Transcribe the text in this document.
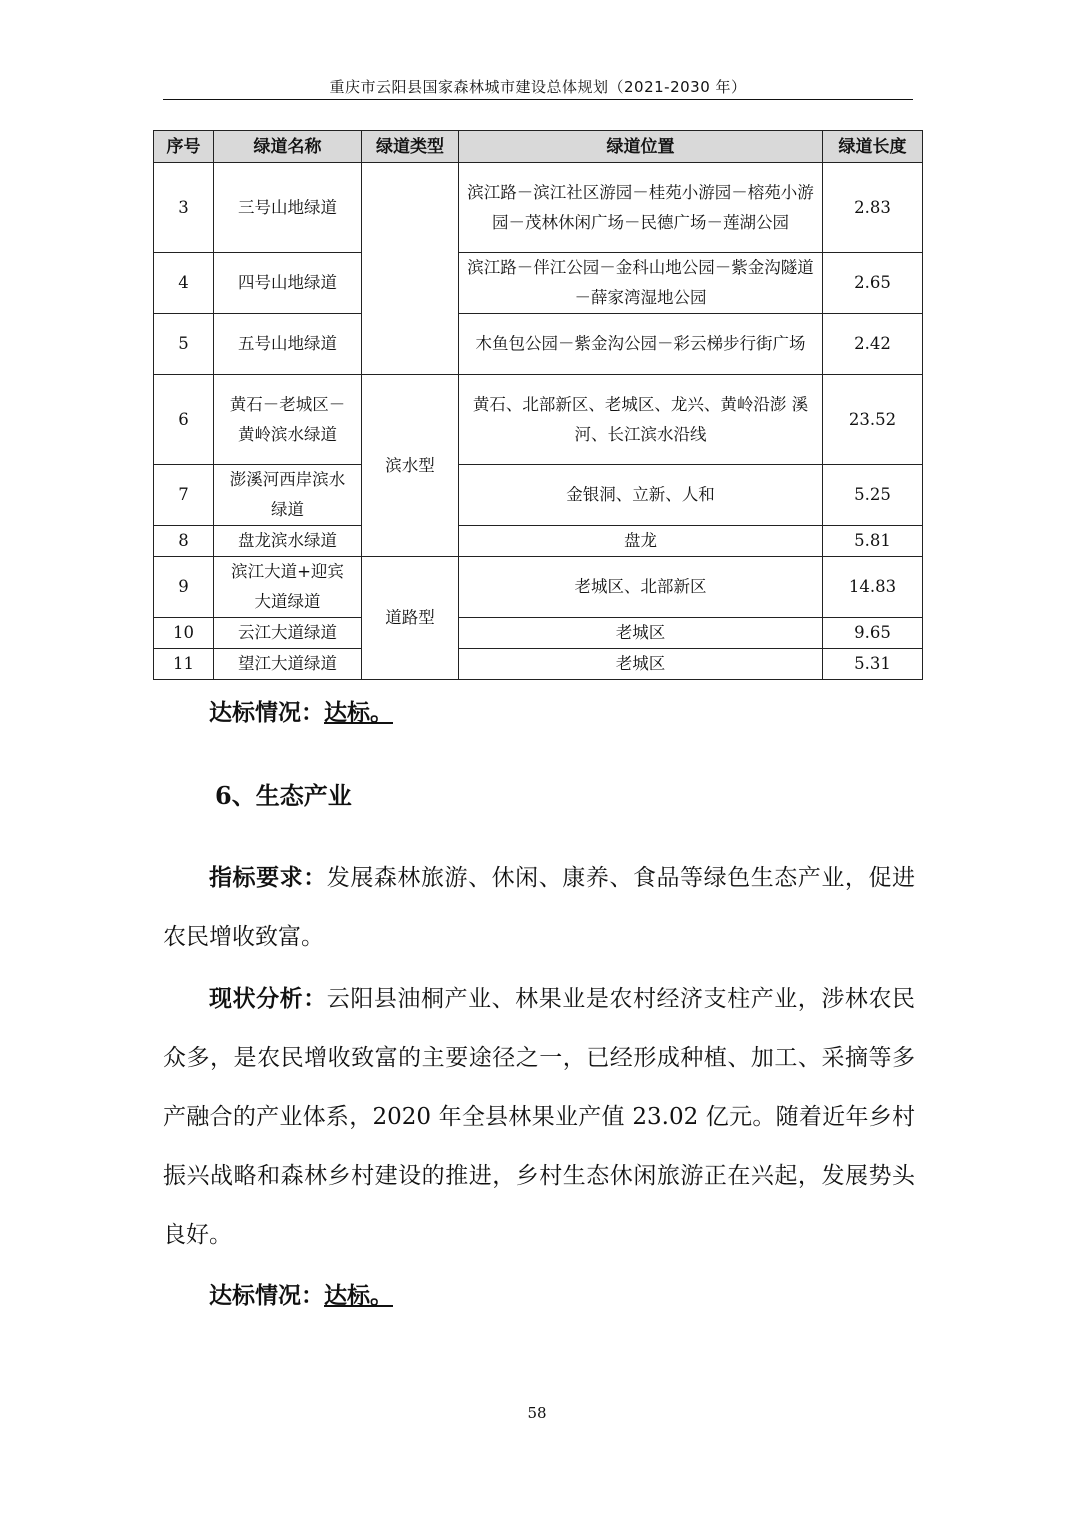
重庆市云阳县国家森林城市建设总体规划（2021-2030 年）
序号	绿道名称	绿道类型	绿道位置	绿道长度
3	三号山地绿道		滨江路－滨江社区游园－桂苑小游园－榕苑小游园－茂林休闲广场－民德广场－莲湖公园	2.83
4	四号山地绿道		滨江路－伴江公园－金科山地公园－紫金沟隧道－薛家湾湿地公园	2.65
5	五号山地绿道		木鱼包公园－紫金沟公园－彩云梯步行街广场	2.42
6	黄石－老城区－黄岭滨水绿道	滨水型	黄石、北部新区、老城区、龙兴、黄岭沿澎 溪河、长江滨水沿线	23.52
7	澎溪河西岸滨水绿道		金银洞、立新、人和	5.25
8	盘龙滨水绿道		盘龙	5.81
9	滨江大道+迎宾大道绿道	道路型	老城区、北部新区	14.83
10	云江大道绿道		老城区	9.65
11	望江大道绿道		老城区	5.31

达标情况：达标。

6、生态产业

指标要求：发展森林旅游、休闲、康养、食品等绿色生态产业，促进农民增收致富。

现状分析：云阳县油桐产业、林果业是农村经济支柱产业，涉林农民众多，是农民增收致富的主要途径之一，已经形成种植、加工、采摘等多产融合的产业体系，2020 年全县林果业产值 23.02 亿元。随着近年乡村振兴战略和森林乡村建设的推进，乡村生态休闲旅游正在兴起，发展势头良好。

达标情况：达标。

58
